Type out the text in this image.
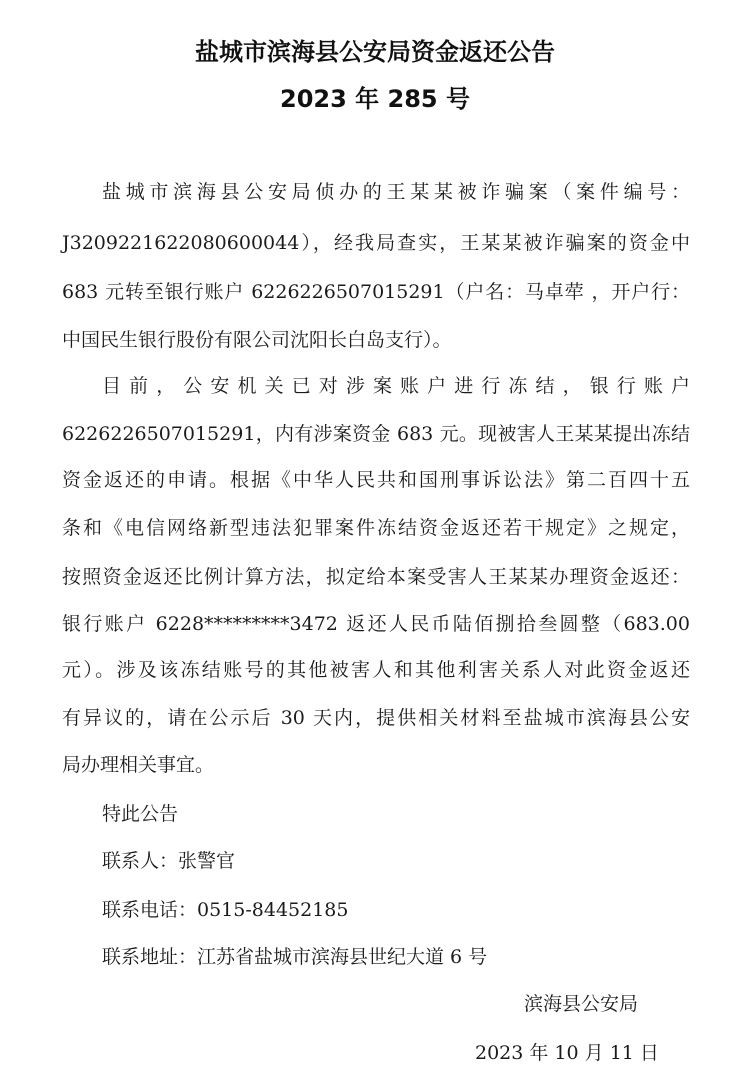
盐城市滨海县公安局资金返还公告
2023 年 285 号
盐城市滨海县公安局侦办的王某某被诈骗案（案件编号：
J3209221622080600044），经我局查实，王某某被诈骗案的资金中
683 元转至银行账户 6226226507015291（户名：马卓荦 ，开户行：
中国民生银行股份有限公司沈阳长白岛支行）。
目前，公安机关已对涉案账户进行冻结，银行账户
6226226507015291，内有涉案资金 683 元。现被害人王某某提出冻结
资金返还的申请。根据《中华人民共和国刑事诉讼法》第二百四十五
条和《电信网络新型违法犯罪案件冻结资金返还若干规定》之规定，
按照资金返还比例计算方法，拟定给本案受害人王某某办理资金返还：
银行账户 6228*********3472 返还人民币陆佰捌拾叁圆整（683.00
元）。涉及该冻结账号的其他被害人和其他利害关系人对此资金返还
有异议的，请在公示后 30 天内，提供相关材料至盐城市滨海县公安
局办理相关事宜。
特此公告
联系人：张警官
联系电话：0515-84452185
联系地址：江苏省盐城市滨海县世纪大道 6 号
滨海县公安局
2023 年 10 月 11 日
